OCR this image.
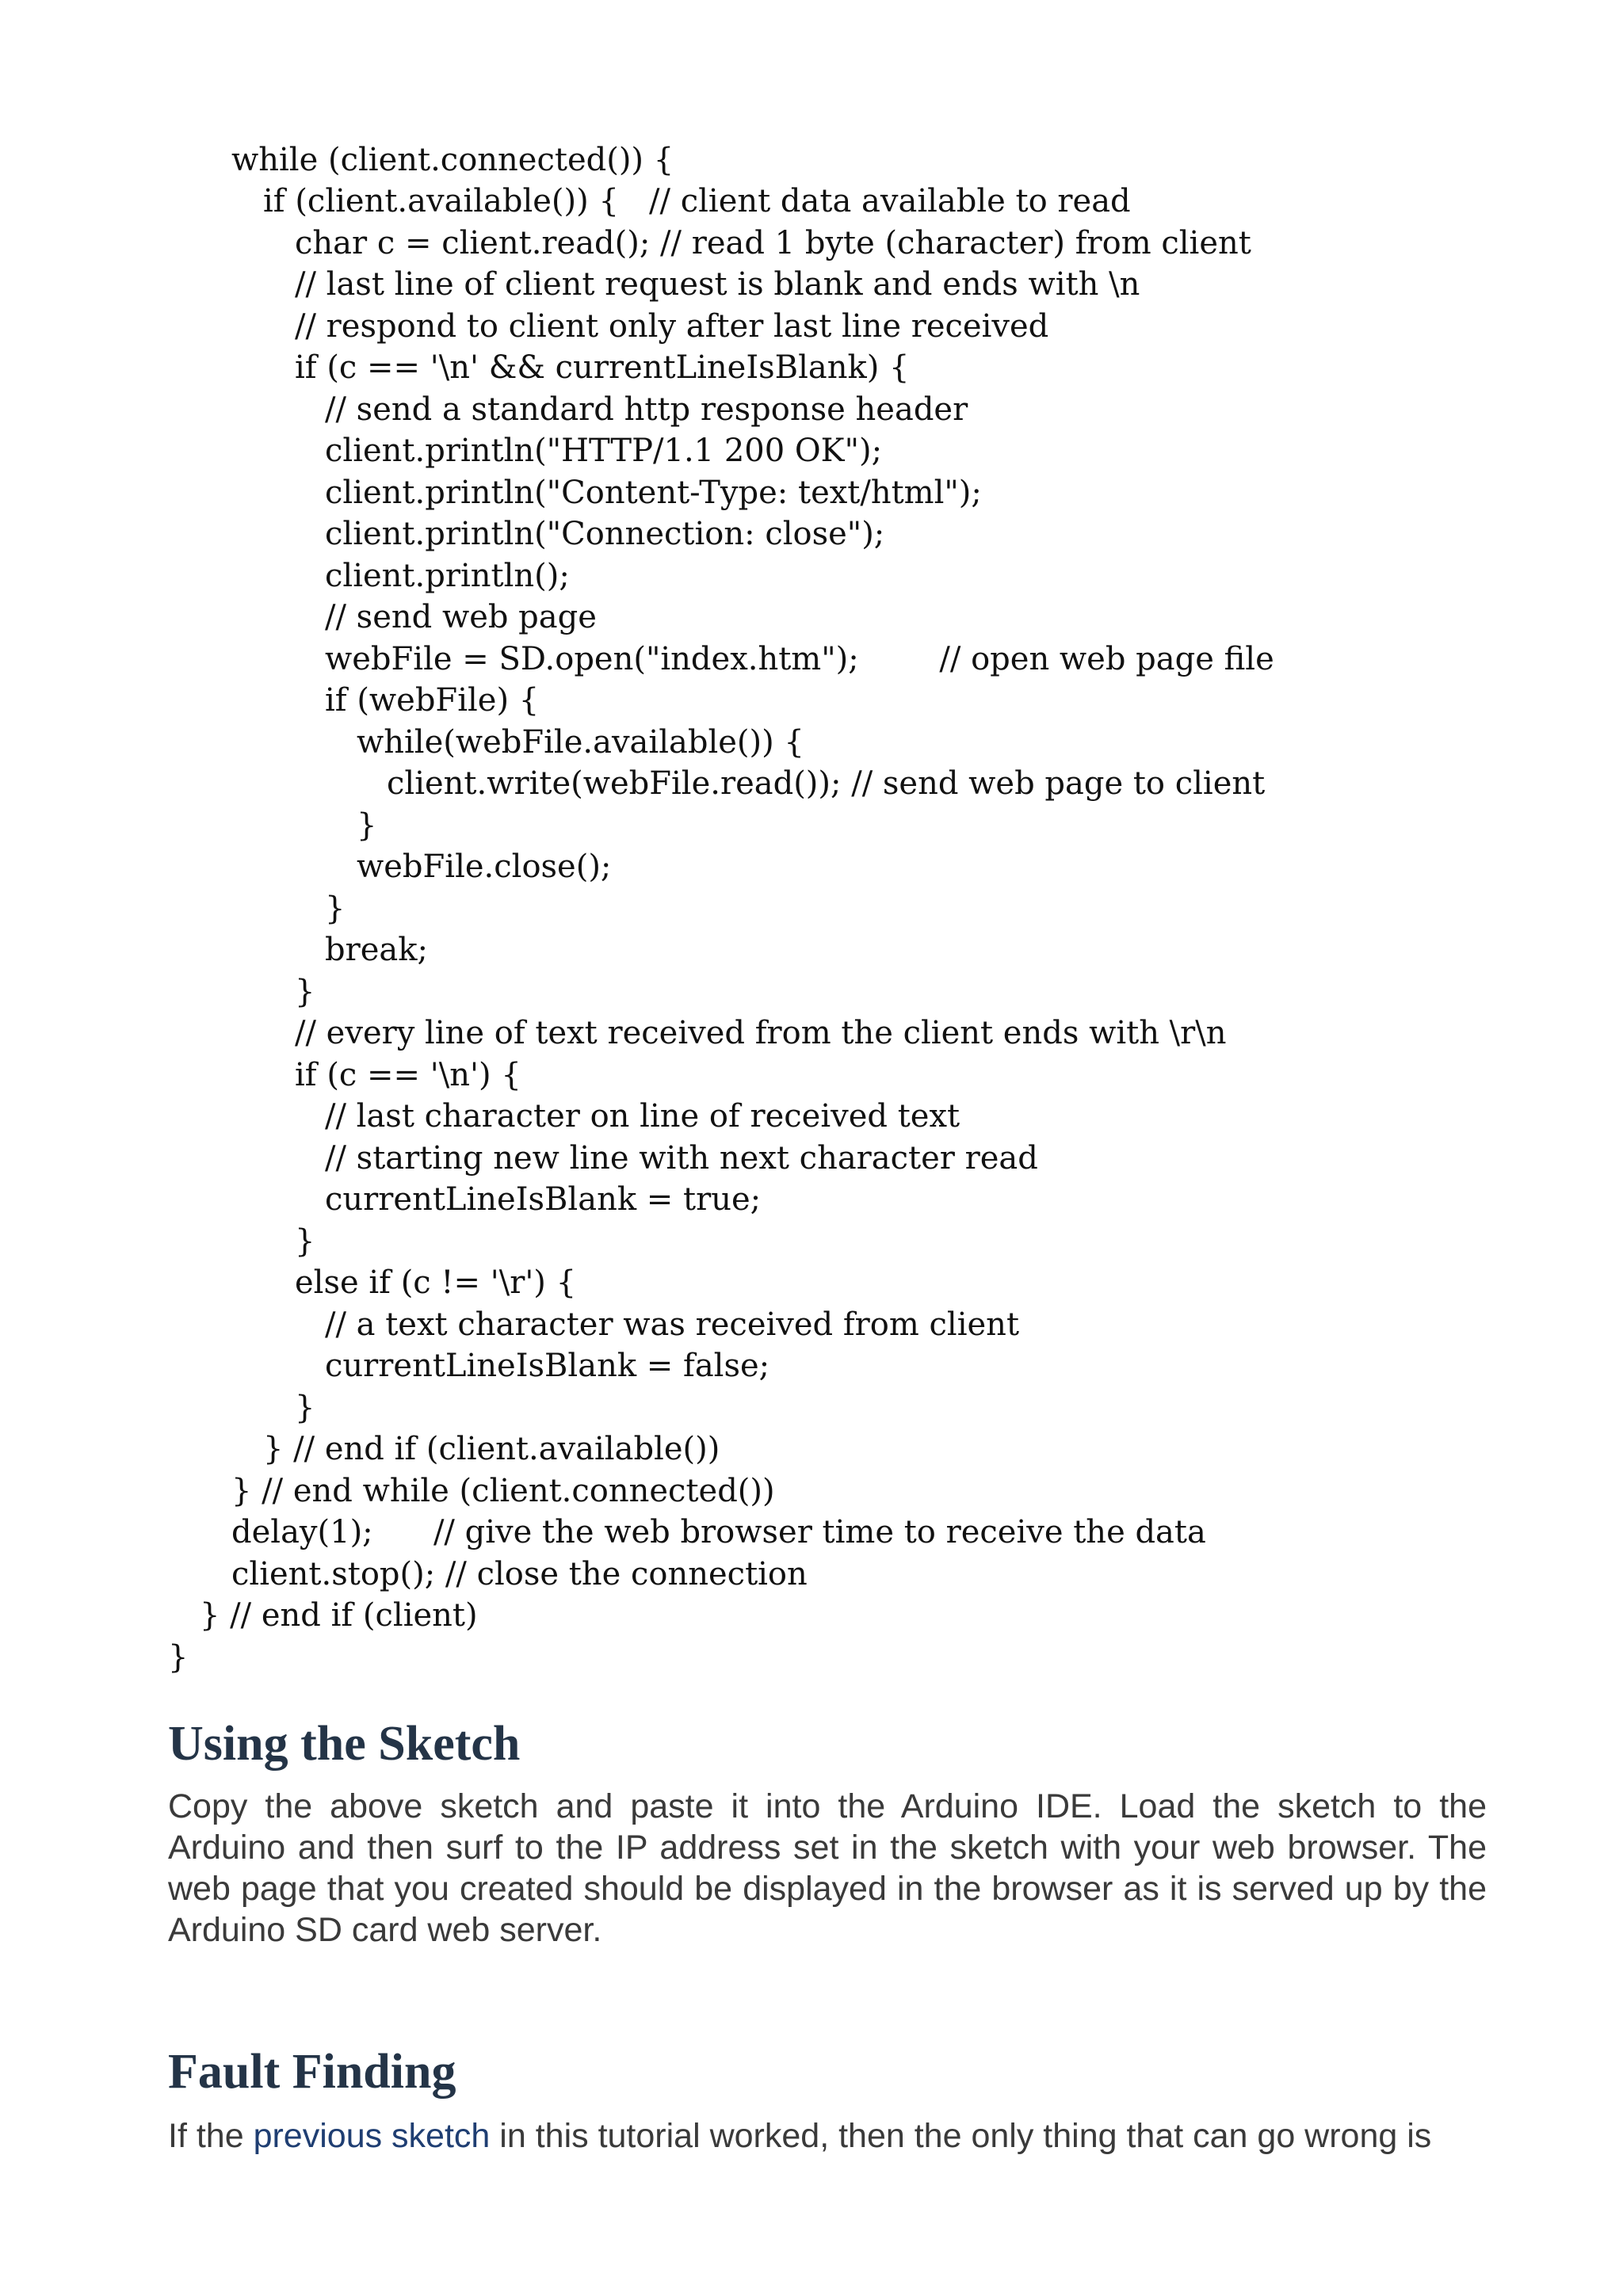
while (client.connected()) {
if (client.available()) {   // client data available to read
char c = client.read(); // read 1 byte (character) from client
// last line of client request is blank and ends with \n
// respond to client only after last line received
if (c == '\n' && currentLineIsBlank) {
// send a standard http response header
client.println("HTTP/1.1 200 OK");
client.println("Content-Type: text/html");
client.println("Connection: close");
client.println();
// send web page
webFile = SD.open("index.htm");        // open web page file
if (webFile) {
while(webFile.available()) {
client.write(webFile.read()); // send web page to client
}
webFile.close();
}
break;
}
// every line of text received from the client ends with \r\n
if (c == '\n') {
// last character on line of received text
// starting new line with next character read
currentLineIsBlank = true;
}
else if (c != '\r') {
// a text character was received from client
currentLineIsBlank = false;
}
} // end if (client.available())
} // end while (client.connected())
delay(1);      // give the web browser time to receive the data
client.stop(); // close the connection
} // end if (client)
}
Using the Sketch

Copy the above sketch and paste it into the Arduino IDE. Load the sketch to the Arduino and then surf to the IP address set in the sketch with your web browser. The web page that you created should be displayed in the browser as it is served up by the Arduino SD card web server.

Fault Finding

If the previous sketch in this tutorial worked, then the only thing that can go wrong is
